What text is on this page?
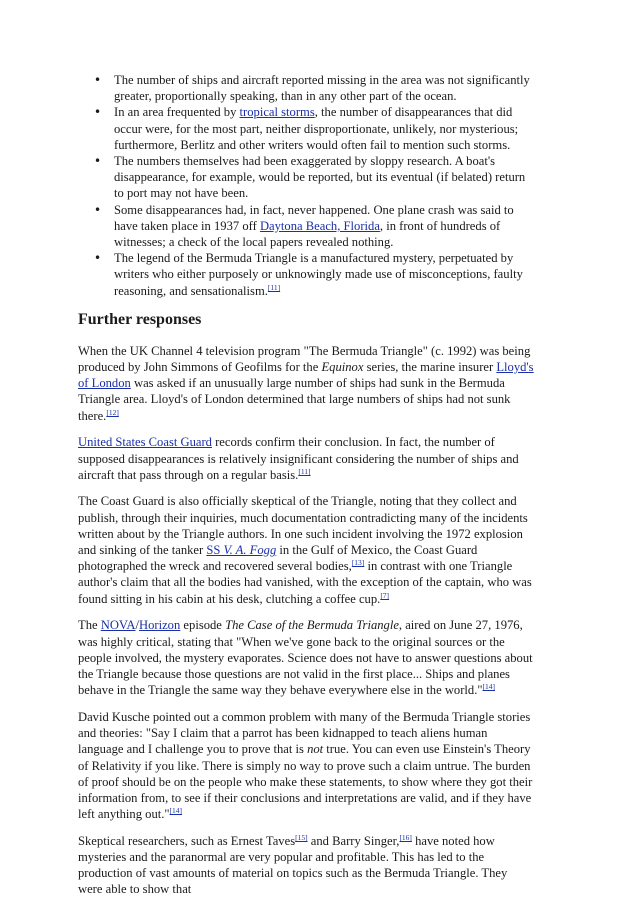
• The number of ships and aircraft reported missing in the area was not significantly greater, proportionally speaking, than in any other part of the ocean.
• In an area frequented by tropical storms, the number of disappearances that did occur were, for the most part, neither disproportionate, unlikely, nor mysterious; furthermore, Berlitz and other writers would often fail to mention such storms.
• The numbers themselves had been exaggerated by sloppy research. A boat's disappearance, for example, would be reported, but its eventual (if belated) return to port may not have been.
• Some disappearances had, in fact, never happened. One plane crash was said to have taken place in 1937 off Daytona Beach, Florida, in front of hundreds of witnesses; a check of the local papers revealed nothing.
• The legend of the Bermuda Triangle is a manufactured mystery, perpetuated by writers who either purposely or unknowingly made use of misconceptions, faulty reasoning, and sensationalism.[11]
Further responses

When the UK Channel 4 television program "The Bermuda Triangle" (c. 1992) was being produced by John Simmons of Geofilms for the Equinox series, the marine insurer Lloyd's of London was asked if an unusually large number of ships had sunk in the Bermuda Triangle area. Lloyd's of London determined that large numbers of ships had not sunk there.[12]

United States Coast Guard records confirm their conclusion. In fact, the number of supposed disappearances is relatively insignificant considering the number of ships and aircraft that pass through on a regular basis.[11]

The Coast Guard is also officially skeptical of the Triangle, noting that they collect and publish, through their inquiries, much documentation contradicting many of the incidents written about by the Triangle authors. In one such incident involving the 1972 explosion and sinking of the tanker SS V. A. Fogg in the Gulf of Mexico, the Coast Guard photographed the wreck and recovered several bodies,[13] in contrast with one Triangle author's claim that all the bodies had vanished, with the exception of the captain, who was found sitting in his cabin at his desk, clutching a coffee cup.[7]

The NOVA/Horizon episode The Case of the Bermuda Triangle, aired on June 27, 1976, was highly critical, stating that "When we've gone back to the original sources or the people involved, the mystery evaporates. Science does not have to answer questions about the Triangle because those questions are not valid in the first place... Ships and planes behave in the Triangle the same way they behave everywhere else in the world."[14]

David Kusche pointed out a common problem with many of the Bermuda Triangle stories and theories: "Say I claim that a parrot has been kidnapped to teach aliens human language and I challenge you to prove that is not true. You can even use Einstein's Theory of Relativity if you like. There is simply no way to prove such a claim untrue. The burden of proof should be on the people who make these statements, to show where they got their information from, to see if their conclusions and interpretations are valid, and if they have left anything out."[14]

Skeptical researchers, such as Ernest Taves[15] and Barry Singer,[16] have noted how mysteries and the paranormal are very popular and profitable. This has led to the production of vast amounts of material on topics such as the Bermuda Triangle. They were able to show that
